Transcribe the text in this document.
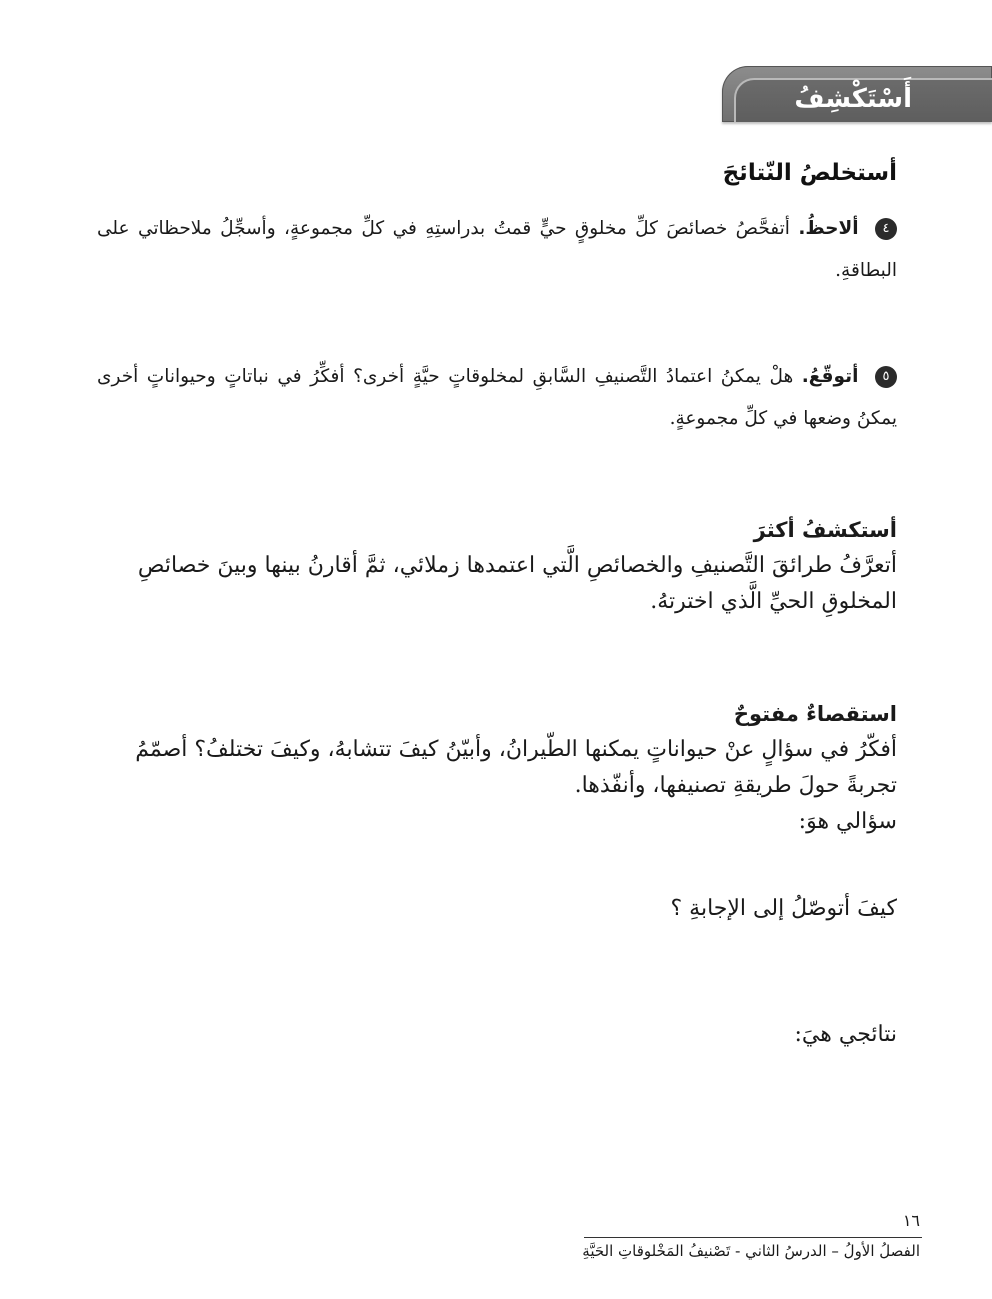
أَسْتَكْشِفُ
أستخلصُ النّتائجَ

٤ ألاحظُ. أتفحَّصُ خصائصَ كلِّ مخلوقٍ حيٍّ قمتُ بدراستِهِ في كلِّ مجموعةٍ، وأسجِّلُ ملاحظاتي على البطاقةِ.

٥ أتوقّعُ. هلْ يمكنُ اعتمادُ التَّصنيفِ السَّابقِ لمخلوقاتٍ حيَّةٍ أخرى؟ أفكِّرُ في نباتاتٍ وحيواناتٍ أخرى يمكنُ وضعها في كلِّ مجموعةٍ.

أستكشفُ أكثرَ

أتعرَّفُ طرائقَ التَّصنيفِ والخصائصِ الَّتي اعتمدها زملائي، ثمَّ أقارنُ بينها وبينَ خصائصِ المخلوقِ الحيِّ الَّذي اخترتهُ.

استقصاءٌ مفتوحٌ

أفكّرُ في سؤالٍ عنْ حيواناتٍ يمكنها الطّيرانُ، وأبيّنُ كيفَ تتشابهُ، وكيفَ تختلفُ؟ أصمّمُ تجربةً حولَ طريقةِ تصنيفها، وأنفّذها.

سؤالي هوَ:

كيفَ أتوصّلُ إلى الإجابةِ ؟

نتائجي هيَ:

١٦

الفصلُ الأولُ – الدرسُ الثاني - تَصْنيفُ المَخْلوقاتِ الحَيَّةِ
